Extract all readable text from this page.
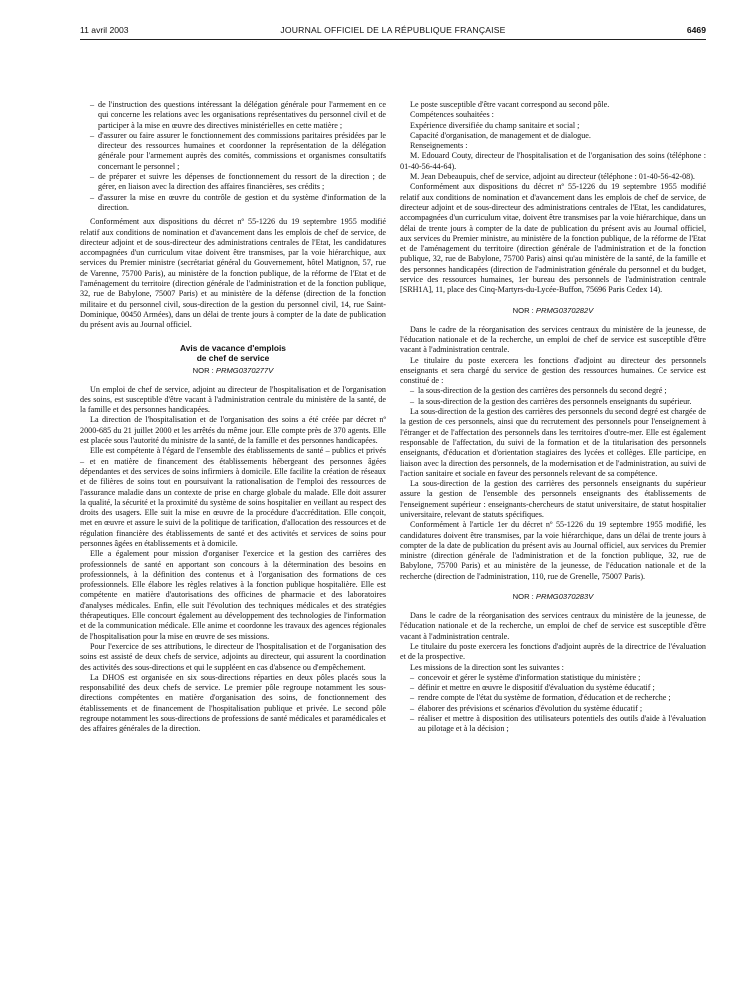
11 avril 2003	JOURNAL OFFICIEL DE LA RÉPUBLIQUE FRANÇAISE	6469
– de l'instruction des questions intéressant la délégation générale pour l'armement en ce qui concerne les relations avec les organisations représentatives du personnel civil et de participer à la mise en œuvre des directives ministérielles en cette matière ;
– d'assurer ou faire assurer le fonctionnement des commissions paritaires présidées par le directeur des ressources humaines et coordonner la représentation de la délégation générale pour l'armement auprès des comités, commissions et organismes consultatifs concernant le personnel ;
– de préparer et suivre les dépenses de fonctionnement du ressort de la direction ; de gérer, en liaison avec la direction des affaires financières, ses crédits ;
– d'assurer la mise en œuvre du contrôle de gestion et du système d'information de la direction.

Conformément aux dispositions du décret nº 55-1226 du 19 septembre 1955 modifié relatif aux conditions de nomination et d'avancement dans les emplois de chef de service, de directeur adjoint et de sous-directeur des administrations centrales de l'Etat, les candidatures accompagnées d'un curriculum vitae doivent être transmises, par la voie hiérarchique, aux services du Premier ministre (secrétariat général du Gouvernement, hôtel Matignon, 57, rue de Varenne, 75700 Paris), au ministère de la fonction publique, de la réforme de l'Etat et de l'aménagement du territoire (direction générale de l'administration et de la fonction publique, 32, rue de Babylone, 75007 Paris) et au ministère de la défense (direction de la fonction militaire et du personnel civil, sous-direction de la gestion du personnel civil, 14, rue Saint-Dominique, 00450 Armées), dans un délai de trente jours à compter de la date de publication du présent avis au Journal officiel.

Avis de vacance d'emplois
de chef de service
NOR : PRMG0370277V

Un emploi de chef de service, adjoint au directeur de l'hospitalisation et de l'organisation des soins, est susceptible d'être vacant à l'administration centrale du ministère de la santé, de la famille et des personnes handicapées.

La direction de l'hospitalisation et de l'organisation des soins a été créée par décret nº 2000-685 du 21 juillet 2000 et les arrêtés du même jour. Elle compte près de 370 agents. Elle est placée sous l'autorité du ministre de la santé, de la famille et des personnes handicapées.

Elle est compétente à l'égard de l'ensemble des établissements de santé – publics et privés – et en matière de financement des établissements hébergeant des personnes âgées dépendantes et des services de soins infirmiers à domicile. Elle facilite la création de réseaux et de filières de soins tout en poursuivant la rationalisation de l'emploi des ressources de l'assurance maladie dans un contexte de prise en charge globale du malade. Elle doit assurer la qualité, la sécurité et la proximité du système de soins hospitalier en veillant au respect des droits des usagers. Elle suit la mise en œuvre de la procédure d'accréditation. Elle conçoit, met en œuvre et assure le suivi de la politique de tarification, d'allocation des ressources et de régulation financière des établissements de santé et des activités et services de soins pour personnes âgées en établissements et à domicile.

Elle a également pour mission d'organiser l'exercice et la gestion des carrières des professionnels de santé en apportant son concours à la détermination des besoins en professionnels, à la définition des contenus et à l'organisation des formations de ces professionnels. Elle élabore les règles relatives à la fonction publique hospitalière. Elle est compétente en matière d'autorisations des officines de pharmacie et des laboratoires d'analyses médicales. Enfin, elle suit l'évolution des techniques médicales et des stratégies thérapeutiques. Elle concourt également au développement des technologies de l'information et de la communication médicale. Elle anime et coordonne les travaux des agences régionales de l'hospitalisation pour la mise en œuvre de ses missions.

Pour l'exercice de ses attributions, le directeur de l'hospitalisation et de l'organisation des soins est assisté de deux chefs de service, adjoints au directeur, qui assurent la coordination des activités des sous-directions et qui le suppléent en cas d'absence ou d'empêchement.

La DHOS est organisée en six sous-directions réparties en deux pôles placés sous la responsabilité des deux chefs de service. Le premier pôle regroupe notamment les sous-directions compétentes en matière d'organisation des soins, de fonctionnement des établissements et de financement de l'hospitalisation publique et privée. Le second pôle regroupe notamment les sous-directions de professions de santé médicales et paramédicales et des affaires générales de la direction.

Le poste susceptible d'être vacant correspond au second pôle.

Compétences souhaitées :

Expérience diversifiée du champ sanitaire et social ;

Capacité d'organisation, de management et de dialogue.

Renseignements :

M. Edouard Couty, directeur de l'hospitalisation et de l'organisation des soins (téléphone : 01-40-56-44-64).

M. Jean Debeaupuis, chef de service, adjoint au directeur (téléphone : 01-40-56-42-08).

Conformément aux dispositions du décret nº 55-1226 du 19 septembre 1955 modifié relatif aux conditions de nomination et d'avancement dans les emplois de chef de service, de directeur adjoint et de sous-directeur des administrations centrales de l'Etat, les candidatures, accompagnées d'un curriculum vitae, doivent être transmises par la voie hiérarchique, dans un délai de trente jours à compter de la date de publication du présent avis au Journal officiel, aux services du Premier ministre, au ministère de la fonction publique, de la réforme de l'Etat et de l'aménagement du territoire (direction générale de l'administration et de la fonction publique, 32, rue de Babylone, 75700 Paris) ainsi qu'au ministère de la santé, de la famille et des personnes handicapées (direction de l'administration générale du personnel et du budget, service des ressources humaines, 1er bureau des personnels de l'administration centrale [SRH1A], 11, place des Cinq-Martyrs-du-Lycée-Buffon, 75696 Paris Cedex 14).

NOR : PRMG0370282V

Dans le cadre de la réorganisation des services centraux du ministère de la jeunesse, de l'éducation nationale et de la recherche, un emploi de chef de service est susceptible d'être vacant à l'administration centrale.

Le titulaire du poste exercera les fonctions d'adjoint au directeur des personnels enseignants et sera chargé du service de gestion des ressources humaines. Ce service est constitué de :

– la sous-direction de la gestion des carrières des personnels du second degré ;
– la sous-direction de la gestion des carrières des personnels enseignants du supérieur.

La sous-direction de la gestion des carrières des personnels du second degré est chargée de la gestion de ces personnels, ainsi que du recrutement des personnels pour l'enseignement à l'étranger et de l'affectation des personnels dans les territoires d'outre-mer. Elle est également responsable de l'affectation, du suivi de la formation et de la titularisation des personnels enseignants, d'éducation et d'orientation stagiaires des lycées et collèges. Elle participe, en liaison avec la direction des personnels, de la modernisation et de l'administration, au suivi de l'action sanitaire et sociale en faveur des personnels relevant de sa compétence.

La sous-direction de la gestion des carrières des personnels enseignants du supérieur assure la gestion de l'ensemble des personnels enseignants des établissements de l'enseignement supérieur : enseignants-chercheurs de statut universitaire, de statut hospitalier universitaire, relevant de statuts spécifiques.

Conformément à l'article 1er du décret nº 55-1226 du 19 septembre 1955 modifié, les candidatures doivent être transmises, par la voie hiérarchique, dans un délai de trente jours à compter de la date de publication du présent avis au Journal officiel, aux services du Premier ministre (direction générale de l'administration et de la fonction publique, 32, rue de Babylone, 75700 Paris) et au ministère de la jeunesse, de l'éducation nationale et de la recherche (direction de l'administration, 110, rue de Grenelle, 75007 Paris).

NOR : PRMG0370283V

Dans le cadre de la réorganisation des services centraux du ministère de la jeunesse, de l'éducation nationale et de la recherche, un emploi de chef de service est susceptible d'être vacant à l'administration centrale.

Le titulaire du poste exercera les fonctions d'adjoint auprès de la directrice de l'évaluation et de la prospective.

Les missions de la direction sont les suivantes :

– concevoir et gérer le système d'information statistique du ministère ;
– définir et mettre en œuvre le dispositif d'évaluation du système éducatif ;
– rendre compte de l'état du système de formation, d'éducation et de recherche ;
– élaborer des prévisions et scénarios d'évolution du système éducatif ;
– réaliser et mettre à disposition des utilisateurs potentiels des outils d'aide à l'évaluation au pilotage et à la décision ;
